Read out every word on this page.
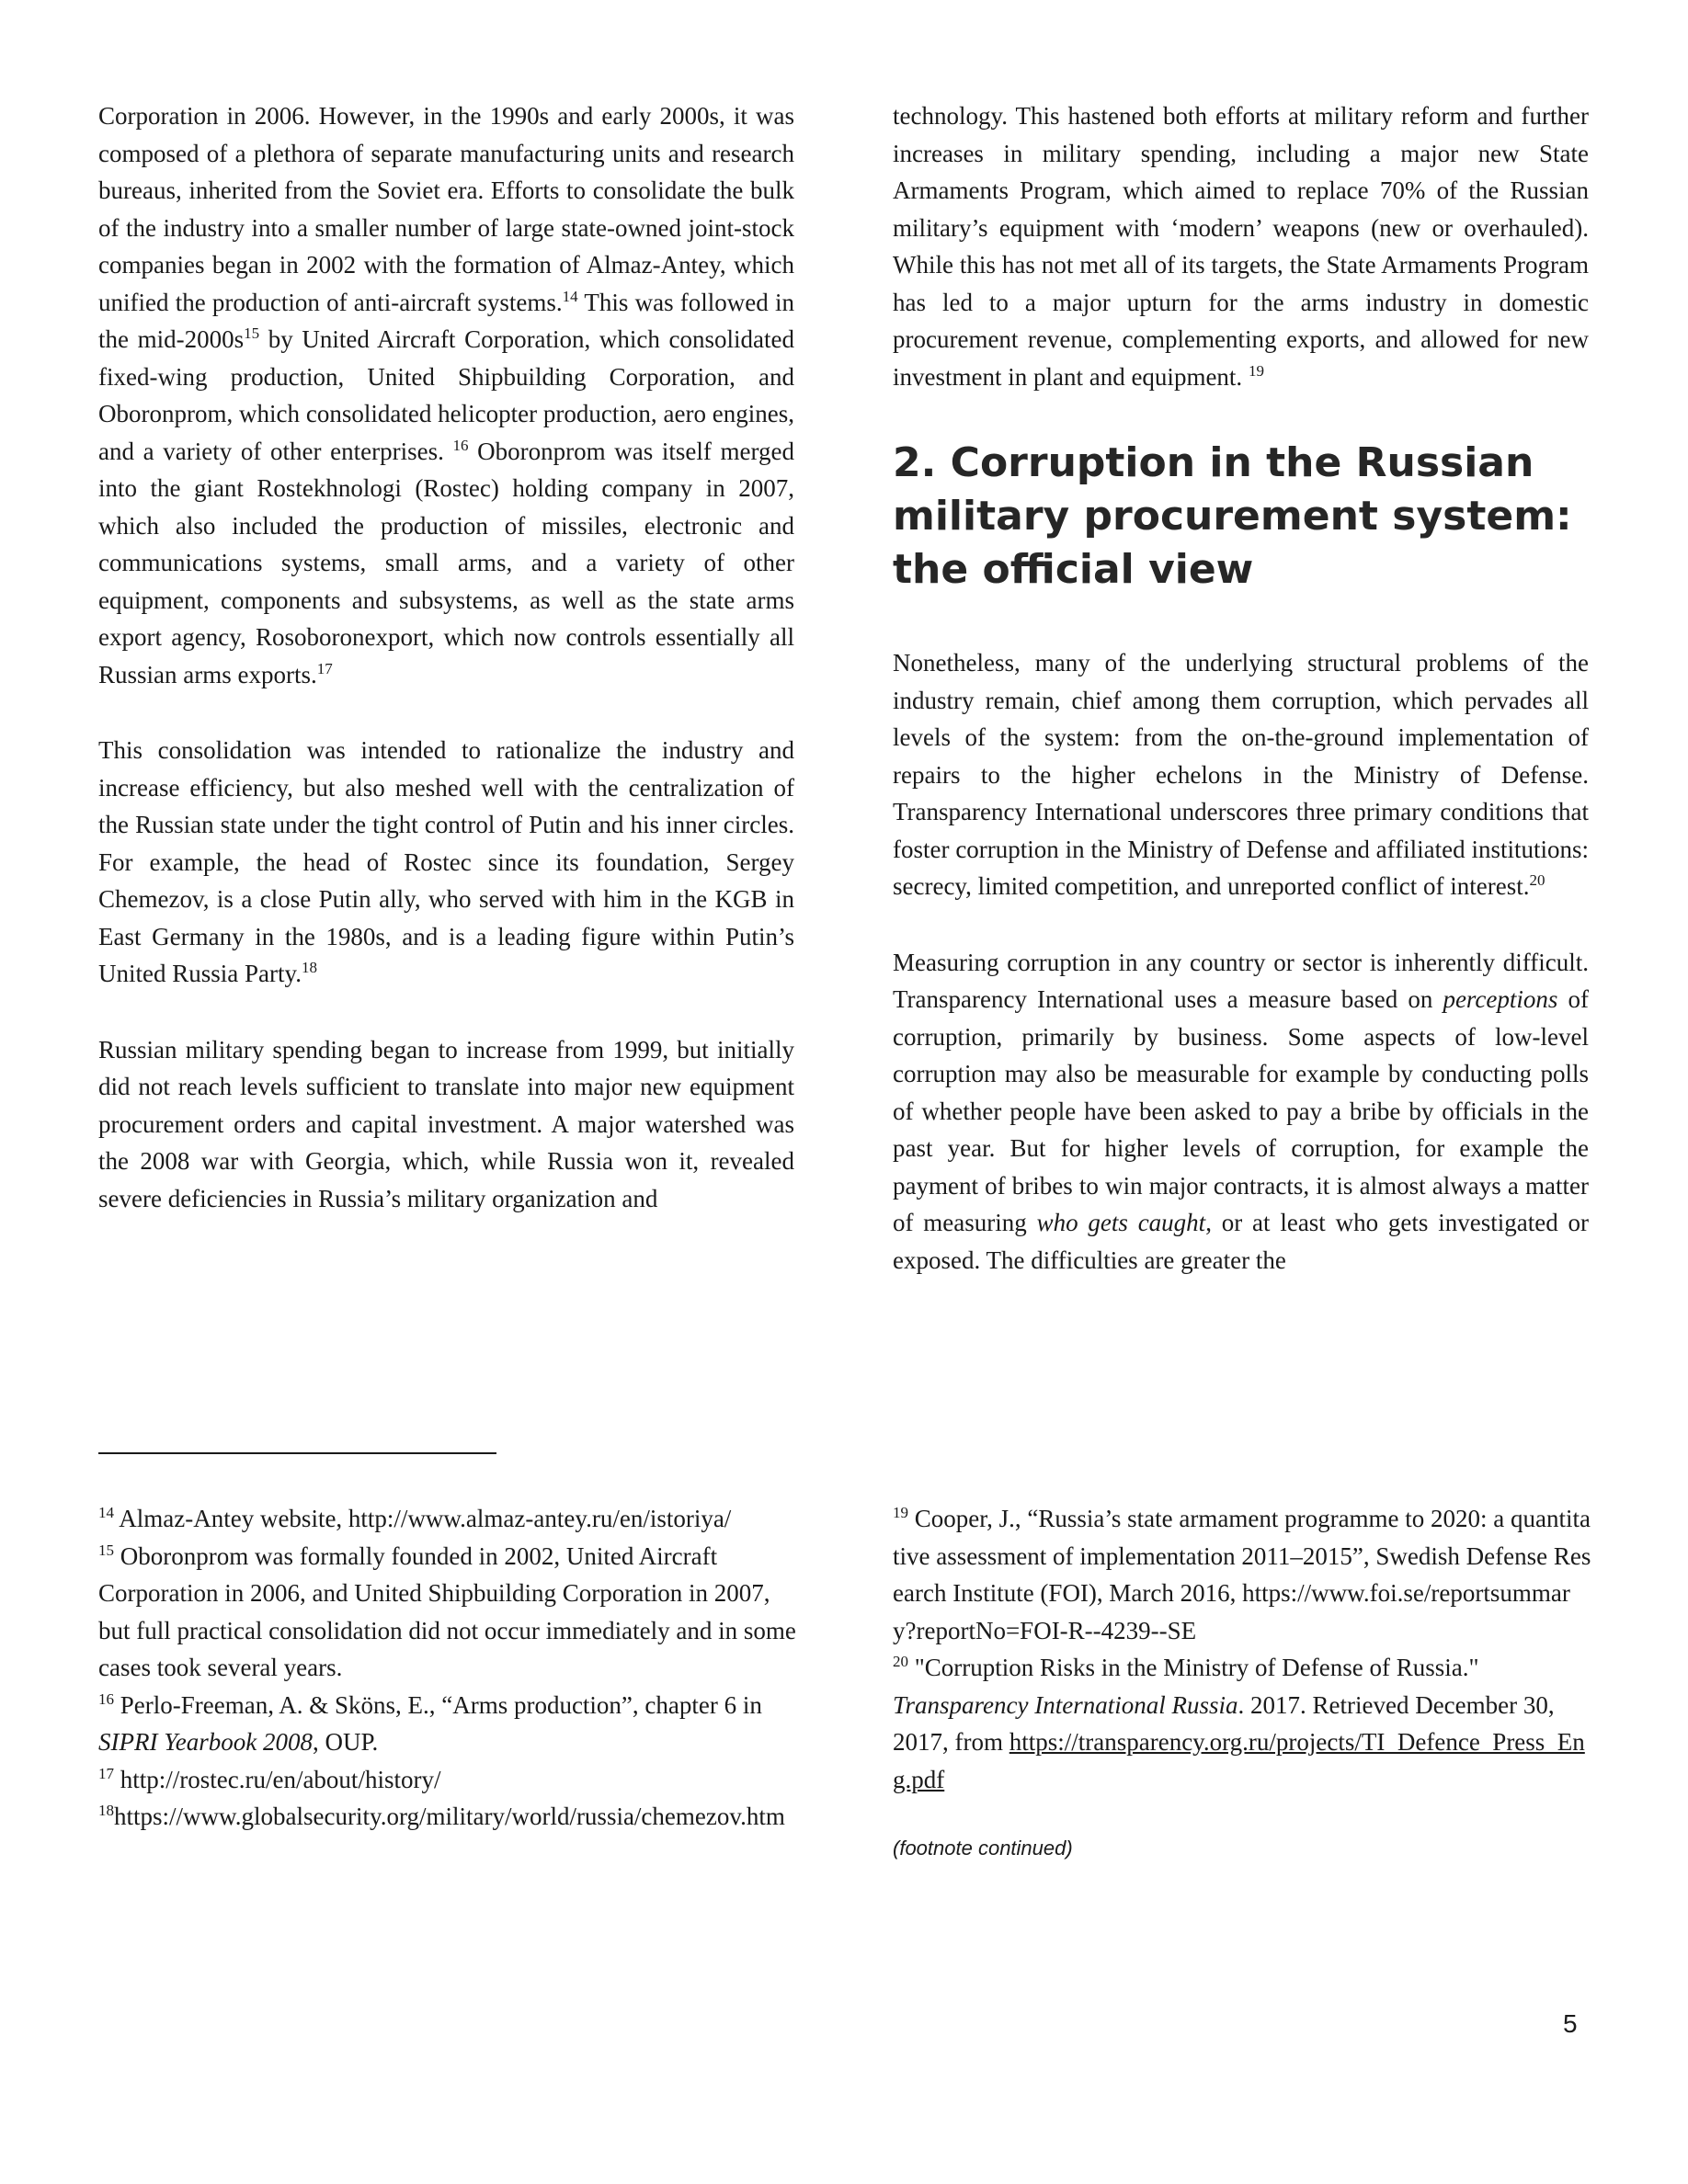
Corporation in 2006. However, in the 1990s and early 2000s, it was composed of a plethora of separate manufacturing units and research bureaus, inherited from the Soviet era. Efforts to consolidate the bulk of the industry into a smaller number of large state-owned joint-stock companies began in 2002 with the formation of Almaz-Antey, which unified the production of anti-aircraft systems.$^{14}$ This was followed in the mid-$2000s^{15}$ by United Aircraft Corporation, which consolidated fixed-wing production, United Shipbuilding Corporation, and Oboronprom, which consolidated helicopter production, aero engines, and a variety of other enterprises. $^{16}$ Oboronprom was itself merged into the giant Rostekhnologi (Rostec) holding company in 2007, which also included the production of missiles, electronic and communications systems, small arms, and a variety of other equipment, components and subsystems, as well as the state arms export agency, Rosoboronexport, which now controls essentially all Russian arms exports.$^{17}$

This consolidation was intended to rationalize the industry and increase efficiency, but also meshed well with the centralization of the Russian state under the tight control of Putin and his inner circles. For example, the head of Rostec since its foundation, Sergey Chemezov, is a close Putin ally, who served with him in the KGB in East Germany in the 1980s, and is a leading figure within Putin’s United Russia Party.$^{18}$

Russian military spending began to increase from 1999, but initially did not reach levels sufficient to translate into major new equipment procurement orders and capital investment. A major watershed was the 2008 war with Georgia, which, while Russia won it, revealed severe deficiencies in Russia’s military organization and

technology. This hastened both efforts at military reform and further increases in military spending, including a major new State Armaments Program, which aimed to replace 70% of the Russian military’s equipment with ‘modern’ weapons (new or overhauled). While this has not met all of its targets, the State Armaments Program has led to a major upturn for the arms industry in domestic procurement revenue, complementing exports, and allowed for new investment in plant and equipment. $^{19}$

2. Corruption in the Russian military procurement system: the official view

Nonetheless, many of the underlying structural problems of the industry remain, chief among them corruption, which pervades all levels of the system: from the on-the-ground implementation of repairs to the higher echelons in the Ministry of Defense. Transparency International underscores three primary conditions that foster corruption in the Ministry of Defense and affiliated institutions: secrecy, limited competition, and unreported conflict of interest.$^{20}$

Measuring corruption in any country or sector is inherently difficult. Transparency International uses a measure based on perceptions of corruption, primarily by business. Some aspects of low-level corruption may also be measurable for example by conducting polls of whether people have been asked to pay a bribe by officials in the past year. But for higher levels of corruption, for example the payment of bribes to win major contracts, it is almost always a matter of measuring who gets caught, or at least who gets investigated or exposed. The difficulties are greater the

$^{14}$ Almaz-Antey website, http://www.almaz-antey.ru/en/istoriya/

$^{15}$ Oboronprom was formally founded in 2002, United Aircraft Corporation in 2006, and United Shipbuilding Corporation in 2007, but full practical consolidation did not occur immediately and in some cases took several years.

$^{16}$ Perlo-Freeman, A. & Sköns, E., “Arms production”, chapter 6 in SIPRI Yearbook 2008, OUP.

$^{17}$ http://rostec.ru/en/about/history/

$^{18}$https://www.globalsecurity.org/military/world/russia/chemezov.htm

$^{19}$ Cooper, J., “Russia’s state armament programme to 2020: a quantitative assessment of implementation 2011–2015”, Swedish Defense Research Institute (FOI), March 2016, https://www.foi.se/reportsummary?reportNo=FOI-R--4239--SE

$^{20}$ "Corruption Risks in the Ministry of Defense of Russia." Transparency International Russia. 2017. Retrieved December 30, 2017, from https://transparency.org.ru/projects/TI_Defence_Press_Eng.pdf

(footnote continued)

5
